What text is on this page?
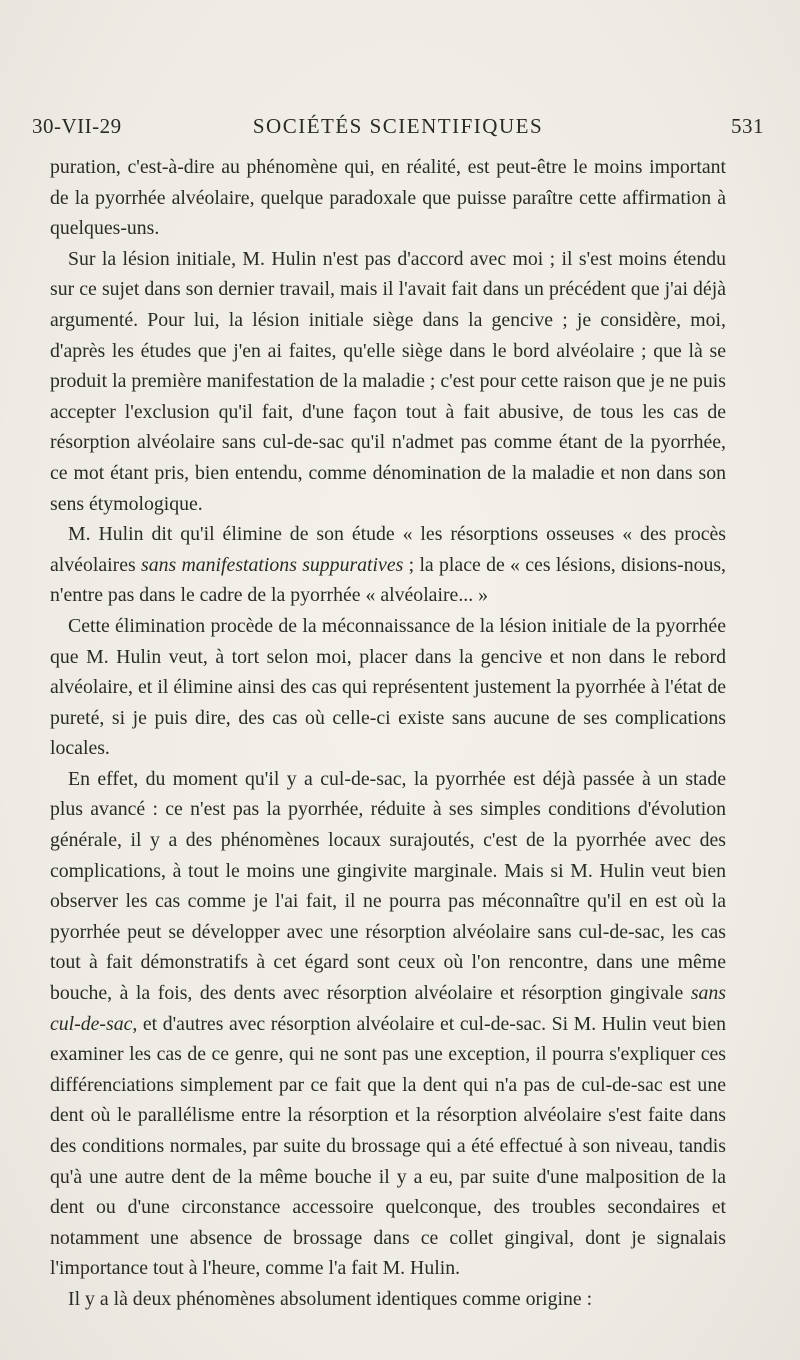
30-VII-29	SOCIÉTÉS SCIENTIFIQUES	531

puration, c'est-à-dire au phénomène qui, en réalité, est peut-être le moins important de la pyorrhée alvéolaire, quelque paradoxale que puisse paraître cette affirmation à quelques-uns.

Sur la lésion initiale, M. Hulin n'est pas d'accord avec moi ; il s'est moins étendu sur ce sujet dans son dernier travail, mais il l'avait fait dans un précédent que j'ai déjà argumenté. Pour lui, la lésion initiale siège dans la gencive ; je considère, moi, d'après les études que j'en ai faites, qu'elle siège dans le bord alvéolaire ; que là se produit la première manifestation de la maladie ; c'est pour cette raison que je ne puis accepter l'exclusion qu'il fait, d'une façon tout à fait abusive, de tous les cas de résorption alvéolaire sans cul-de-sac qu'il n'admet pas comme étant de la pyorrhée, ce mot étant pris, bien entendu, comme dénomination de la maladie et non dans son sens étymologique.

M. Hulin dit qu'il élimine de son étude « les résorptions osseuses « des procès alvéolaires sans manifestations suppuratives ; la place de « ces lésions, disions-nous, n'entre pas dans le cadre de la pyorrhée « alvéolaire... »

Cette élimination procède de la méconnaissance de la lésion initiale de la pyorrhée que M. Hulin veut, à tort selon moi, placer dans la gencive et non dans le rebord alvéolaire, et il élimine ainsi des cas qui représentent justement la pyorrhée à l'état de pureté, si je puis dire, des cas où celle-ci existe sans aucune de ses complications locales.

En effet, du moment qu'il y a cul-de-sac, la pyorrhée est déjà passée à un stade plus avancé : ce n'est pas la pyorrhée, réduite à ses simples conditions d'évolution générale, il y a des phénomènes locaux surajoutés, c'est de la pyorrhée avec des complications, à tout le moins une gingivite marginale. Mais si M. Hulin veut bien observer les cas comme je l'ai fait, il ne pourra pas méconnaître qu'il en est où la pyorrhée peut se développer avec une résorption alvéolaire sans cul-de-sac, les cas tout à fait démonstratifs à cet égard sont ceux où l'on rencontre, dans une même bouche, à la fois, des dents avec résorption alvéolaire et résorption gingivale sans cul-de-sac, et d'autres avec résorption alvéolaire et cul-de-sac. Si M. Hulin veut bien examiner les cas de ce genre, qui ne sont pas une exception, il pourra s'expliquer ces différenciations simplement par ce fait que la dent qui n'a pas de cul-de-sac est une dent où le parallélisme entre la résorption et la résorption alvéolaire s'est faite dans des conditions normales, par suite du brossage qui a été effectué à son niveau, tandis qu'à une autre dent de la même bouche il y a eu, par suite d'une malposition de la dent ou d'une circonstance accessoire quelconque, des troubles secondaires et notamment une absence de brossage dans ce collet gingival, dont je signalais l'importance tout à l'heure, comme l'a fait M. Hulin.

Il y a là deux phénomènes absolument identiques comme origine :
